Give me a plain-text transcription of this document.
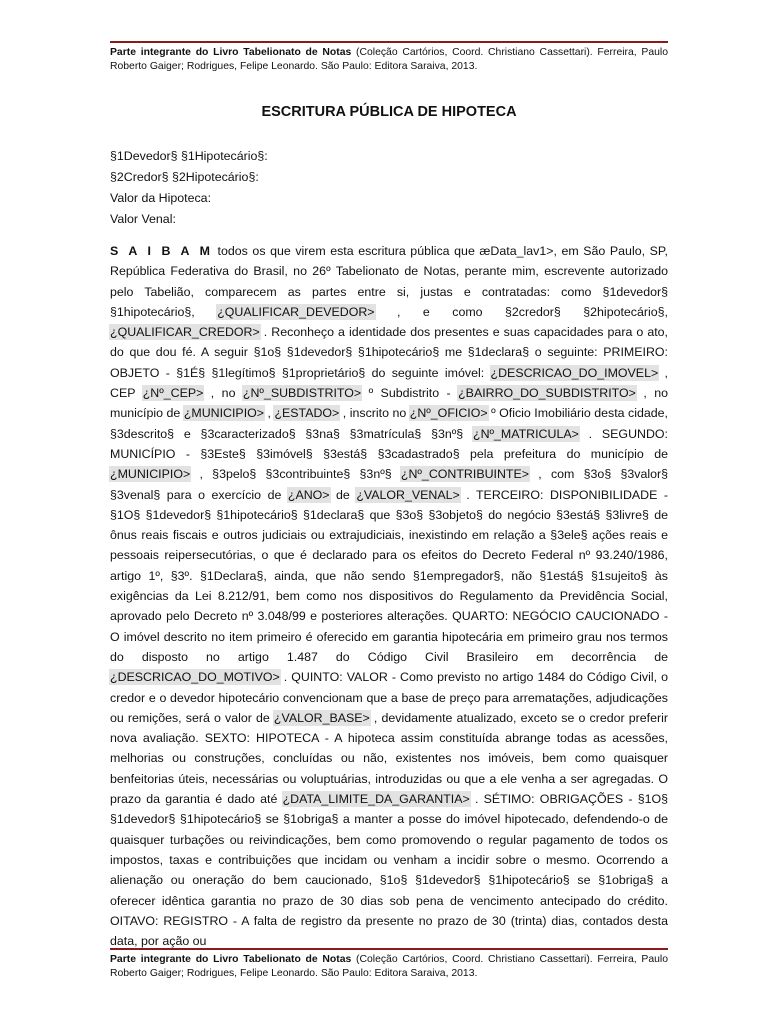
Parte integrante do Livro Tabelionato de Notas (Coleção Cartórios, Coord. Christiano Cassettari). Ferreira, Paulo Roberto Gaiger; Rodrigues, Felipe Leonardo. São Paulo: Editora Saraiva, 2013.
ESCRITURA PÚBLICA DE HIPOTECA
§1Devedor§ §1Hipotecário§:
§2Credor§ §2Hipotecário§:
Valor da Hipoteca:
Valor Venal:
S A I B A M todos os que virem esta escritura pública que æData_lav1>, em São Paulo, SP, República Federativa do Brasil, no 26º Tabelionato de Notas, perante mim, escrevente autorizado pelo Tabelião, comparecem as partes entre si, justas e contratadas: como §1devedor§ §1hipotecário§, ¿QUALIFICAR_DEVEDOR> , e como §2credor§ §2hipotecário§, ¿QUALIFICAR_CREDOR> . Reconheço a identidade dos presentes e suas capacidades para o ato, do que dou fé. A seguir §1o§ §1devedor§ §1hipotecário§ me §1declara§ o seguinte: PRIMEIRO: OBJETO - §1É§ §1legítimo§ §1proprietário§ do seguinte imóvel: ¿DESCRICAO_DO_IMOVEL> , CEP ¿Nº_CEP> , no ¿Nº_SUBDISTRITO> º Subdistrito - ¿BAIRRO_DO_SUBDISTRITO> , no município de ¿MUNICIPIO> , ¿ESTADO> , inscrito no ¿Nº_OFICIO> º Oficio Imobiliário desta cidade, §3descrito§ e §3caracterizado§ §3na§ §3matrícula§ §3nº§ ¿Nº_MATRICULA> . SEGUNDO: MUNICÍPIO - §3Este§ §3imóvel§ §3está§ §3cadastrado§ pela prefeitura do município de ¿MUNICIPIO> , §3pelo§ §3contribuinte§ §3nº§ ¿Nº_CONTRIBUINTE> , com §3o§ §3valor§ §3venal§ para o exercício de ¿ANO> de ¿VALOR_VENAL> . TERCEIRO: DISPONIBILIDADE - §1O§ §1devedor§ §1hipotecário§ §1declara§ que §3o§ §3objeto§ do negócio §3está§ §3livre§ de ônus reais fiscais e outros judiciais ou extrajudiciais, inexistindo em relação a §3ele§ ações reais e pessoais reipersecutórias, o que é declarado para os efeitos do Decreto Federal nº 93.240/1986, artigo 1º, §3º. §1Declara§, ainda, que não sendo §1empregador§, não §1está§ §1sujeito§ às exigências da Lei 8.212/91, bem como nos dispositivos do Regulamento da Previdência Social, aprovado pelo Decreto nº 3.048/99 e posteriores alterações. QUARTO: NEGÓCIO CAUCIONADO - O imóvel descrito no item primeiro é oferecido em garantia hipotecária em primeiro grau nos termos do disposto no artigo 1.487 do Código Civil Brasileiro em decorrência de ¿DESCRICAO_DO_MOTIVO> . QUINTO: VALOR - Como previsto no artigo 1484 do Código Civil, o credor e o devedor hipotecário convencionam que a base de preço para arrematações, adjudicações ou remições, será o valor de ¿VALOR_BASE> , devidamente atualizado, exceto se o credor preferir nova avaliação. SEXTO: HIPOTECA - A hipoteca assim constituída abrange todas as acessões, melhorias ou construções, concluídas ou não, existentes nos imóveis, bem como quaisquer benfeitorias úteis, necessárias ou voluptuárias, introduzidas ou que a ele venha a ser agregadas. O prazo da garantia é dado até ¿DATA_LIMITE_DA_GARANTIA> . SÉTIMO: OBRIGAÇÕES - §1O§ §1devedor§ §1hipotecário§ se §1obriga§ a manter a posse do imóvel hipotecado, defendendo-o de quaisquer turbações ou reivindicações, bem como promovendo o regular pagamento de todos os impostos, taxas e contribuições que incidam ou venham a incidir sobre o mesmo. Ocorrendo a alienação ou oneração do bem caucionado, §1o§ §1devedor§ §1hipotecário§ se §1obriga§ a oferecer idêntica garantia no prazo de 30 dias sob pena de vencimento antecipado do crédito. OITAVO: REGISTRO - A falta de registro da presente no prazo de 30 (trinta) dias, contados desta data, por ação ou
Parte integrante do Livro Tabelionato de Notas (Coleção Cartórios, Coord. Christiano Cassettari). Ferreira, Paulo Roberto Gaiger; Rodrigues, Felipe Leonardo. São Paulo: Editora Saraiva, 2013.
